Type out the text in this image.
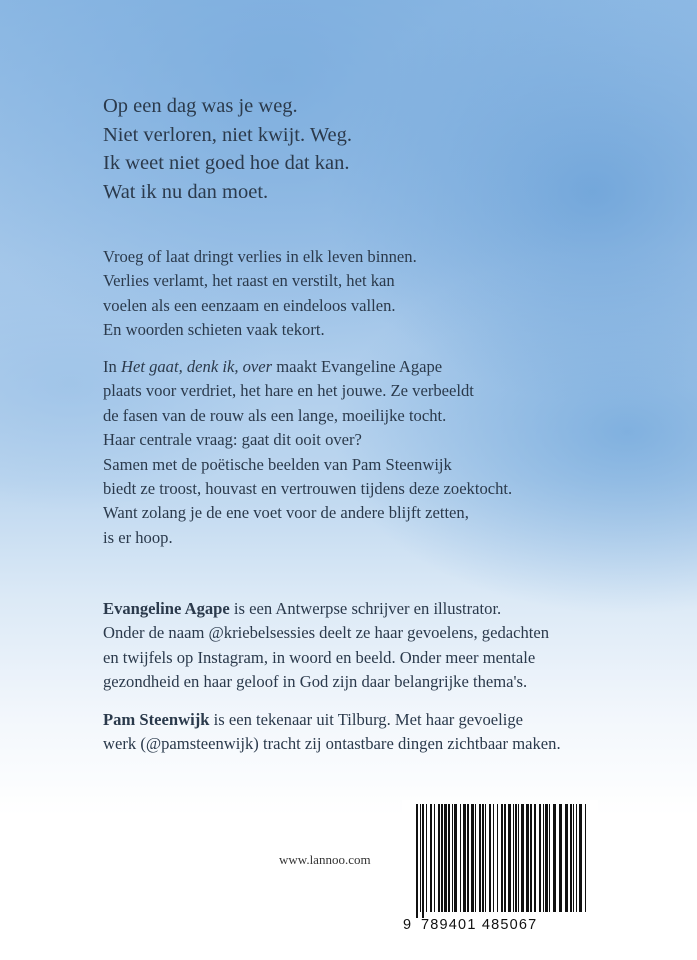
Op een dag was je weg.
Niet verloren, niet kwijt. Weg.
Ik weet niet goed hoe dat kan.
Wat ik nu dan moet.
Vroeg of laat dringt verlies in elk leven binnen.
Verlies verlamt, het raast en verstilt, het kan
voelen als een eenzaam en eindeloos vallen.
En woorden schieten vaak tekort.
In Het gaat, denk ik, over maakt Evangeline Agape
plaats voor verdriet, het hare en het jouwe. Ze verbeeldt
de fasen van de rouw als een lange, moeilijke tocht.
Haar centrale vraag: gaat dit ooit over?
Samen met de poëtische beelden van Pam Steenwijk
biedt ze troost, houvast en vertrouwen tijdens deze zoektocht.
Want zolang je de ene voet voor de andere blijft zetten,
is er hoop.
Evangeline Agape is een Antwerpse schrijver en illustrator.
Onder de naam @kriebelsessies deelt ze haar gevoelens, gedachten
en twijfels op Instagram, in woord en beeld. Onder meer mentale
gezondheid en haar geloof in God zijn daar belangrijke thema's.
Pam Steenwijk is een tekenaar uit Tilburg. Met haar gevoelige
werk (@pamsteenwijk) tracht zij ontastbare dingen zichtbaar maken.
www.lannoo.com
9 789401 485067
